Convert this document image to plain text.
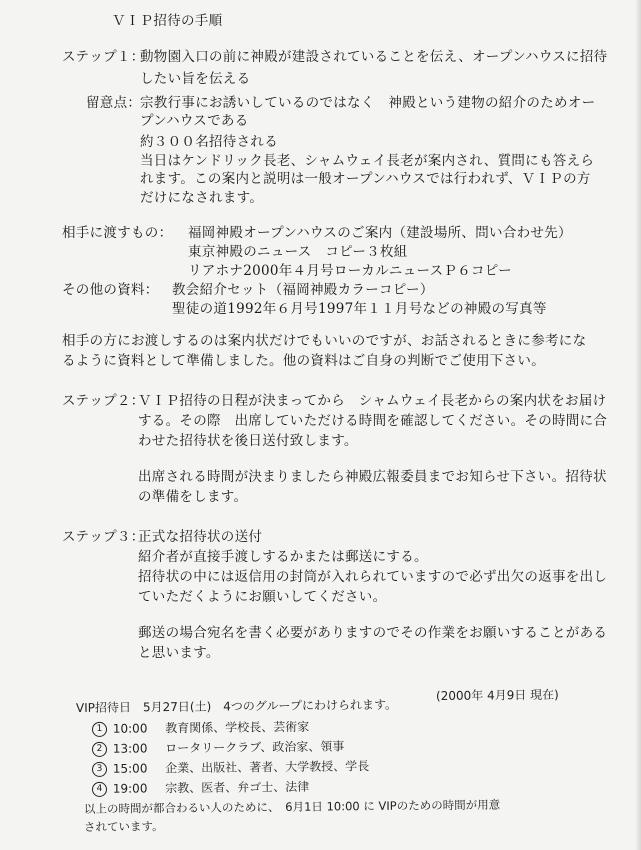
ＶＩＰ招待の手順
ステップ１：
動物園入口の前に神殿が建設されていることを伝え、オープンハウスに招待
したい旨を伝える
留意点：
宗教行事にお誘いしているのではなく　神殿という建物の紹介のためオー
プンハウスである
約３００名招待される
当日はケンドリック長老、シャムウェイ長老が案内され、質問にも答えら
れます。この案内と説明は一般オープンハウスでは行われず、ＶＩＰの方
だけになされます。
相手に渡すもの： 福岡神殿オープンハウスのご案内（建設場所、問い合わせ先）
東京神殿のニュース　コピー３枚組
リアホナ2000年４月号ローカルニュースＰ６コピー
その他の資料： 教会紹介セット（福岡神殿カラーコピー）
聖徒の道1992年６月号1997年１１月号などの神殿の写真等
相手の方にお渡しするのは案内状だけでもいいのですが、お話されるときに参考にな
るように資料として準備しました。他の資料はご自身の判断でご使用下さい。
ステップ２：
ＶＩＰ招待の日程が決まってから　シャムウェイ長老からの案内状をお届け
する。その際　出席していただける時間を確認してください。その時間に合
わせた招待状を後日送付致します。
出席される時間が決まりましたら神殿広報委員までお知らせ下さい。招待状
の準備をします。
ステップ３：
正式な招待状の送付
紹介者が直接手渡しするかまたは郵送にする。
招待状の中には返信用の封筒が入れられていますので必ず出欠の返事を出し
ていただくようにお願いしてください。
郵送の場合宛名を書く必要がありますのでその作業をお願いすることがある
と思います。
(2000年 4月9日 現在)
VIP招待日　5月27日(土)　4つのグループにわけられます。
1 10:00 教育関係、学校長、芸術家
2 13:00 ロータリークラブ、政治家、領事
3 15:00 企業、出版社、著者、大学教授、学長
4 19:00 宗教、医者、弁ゴ士、法律
以上の時間が都合わるい人のために、　6月1日 10:00 に VIPのための時間が用意
されています。
